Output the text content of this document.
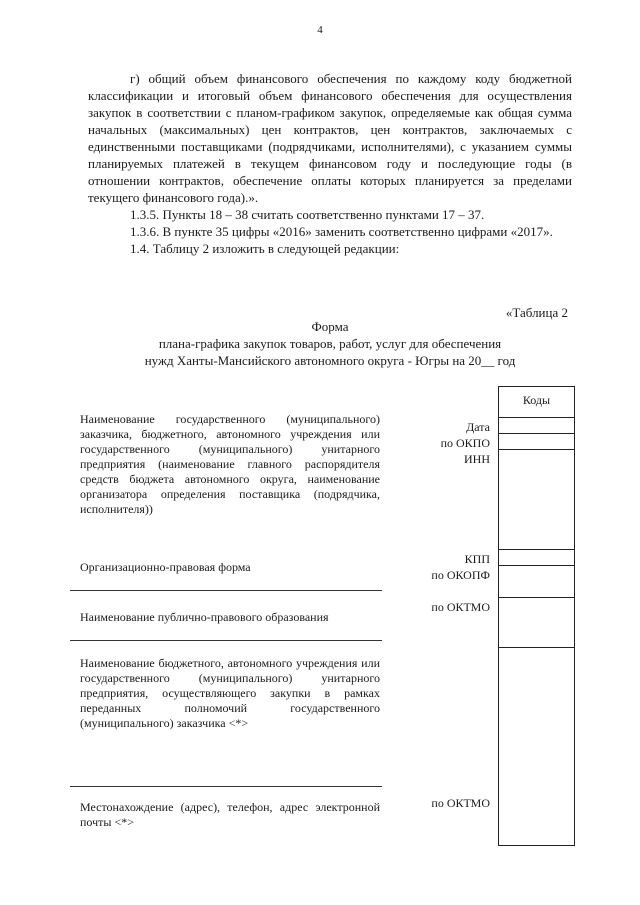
4

г) общий объем финансового обеспечения по каждому коду бюджетной классификации и итоговый объем финансового обеспечения для осуществления закупок в соответствии с планом-графиком закупок, определяемые как общая сумма начальных (максимальных) цен контрактов, цен контрактов, заключаемых с единственными поставщиками (подрядчиками, исполнителями), с указанием суммы планируемых платежей в текущем финансовом году и последующие годы (в отношении контрактов, обеспечение оплаты которых планируется за пределами текущего финансового года).».

1.3.5. Пункты 18 – 38 считать соответственно пунктами 17 – 37.

1.3.6. В пункте 35 цифры «2016» заменить соответственно цифрами «2017».

1.4. Таблицу 2 изложить в следующей редакции:

«Таблица 2
Форма
плана-графика закупок товаров, работ, услуг для обеспечения
нужд Ханты-Мансийского автономного округа - Югры на 20__ год
Наименование государственного (муниципального) заказчика, бюджетного, автономного учреждения или государственного (муниципального) унитарного предприятия (наименование главного распорядителя средств бюджета автономного округа, наименование организатора определения поставщика (подрядчика, исполнителя))
Организационно-правовая форма
Наименование публично-правового образования
Наименование бюджетного, автономного учреждения или государственного (муниципального) унитарного предприятия, осуществляющего закупки в рамках переданных полномочий государственного (муниципального) заказчика <*>
Местонахождение (адрес), телефон, адрес электронной почты <*>
Дата
по ОКПО
ИНН
КПП
по ОКОПФ
по ОКТМО
по ОКТМО
Коды
